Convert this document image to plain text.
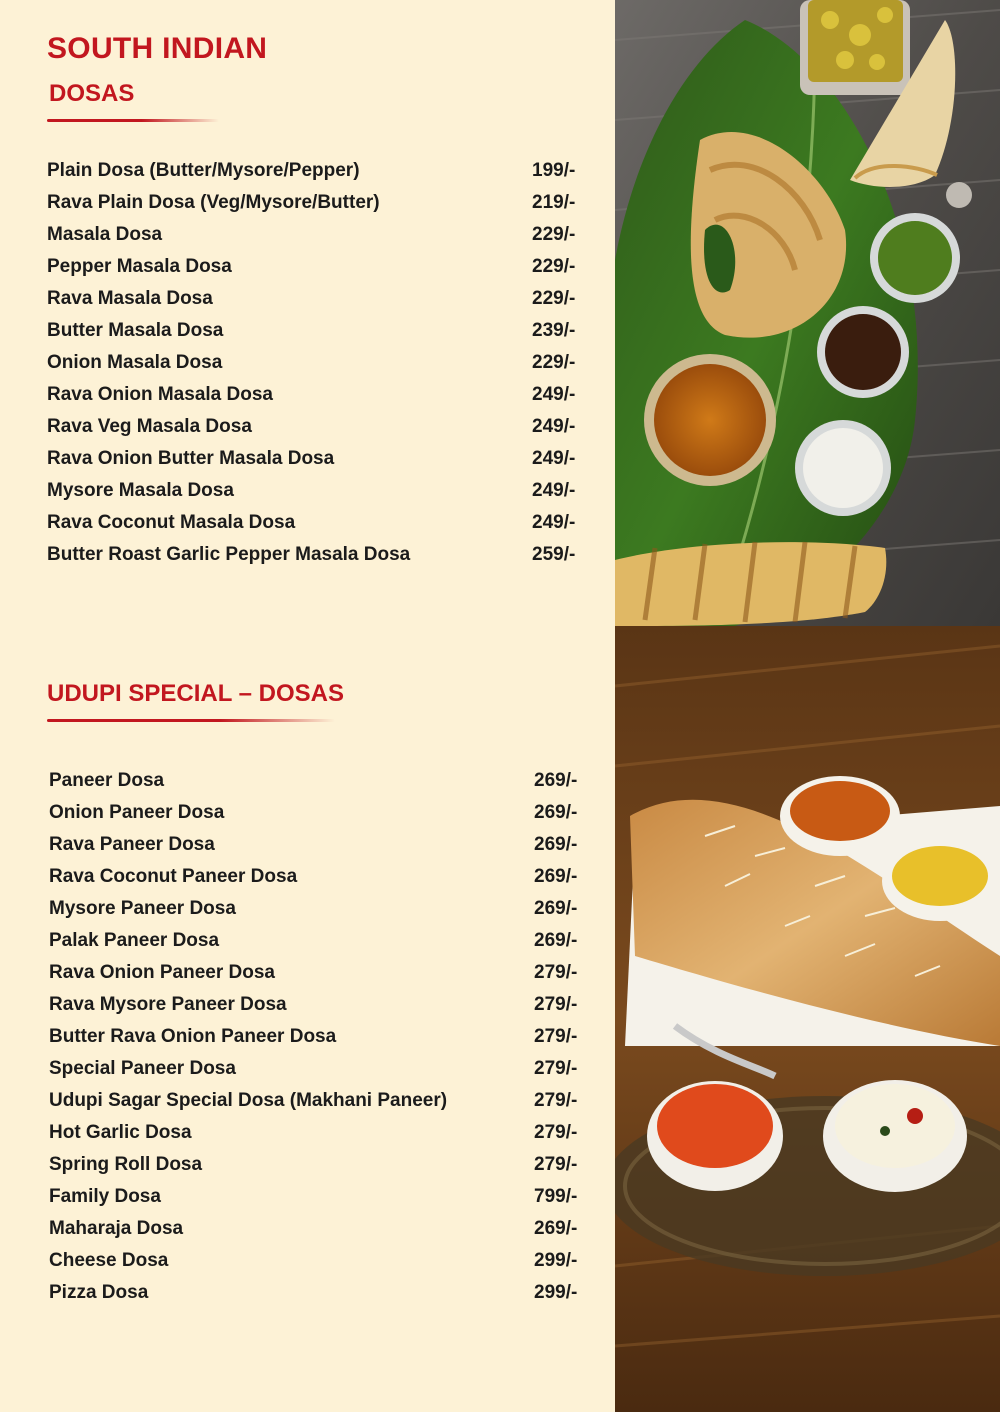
SOUTH INDIAN
DOSAS
Plain Dosa (Butter/Mysore/Pepper)	199/-
Rava Plain Dosa (Veg/Mysore/Butter)	219/-
Masala Dosa	229/-
Pepper Masala Dosa	229/-
Rava Masala Dosa	229/-
Butter Masala Dosa	239/-
Onion Masala Dosa	229/-
Rava Onion Masala Dosa	249/-
Rava Veg Masala Dosa	249/-
Rava Onion Butter Masala Dosa	249/-
Mysore Masala Dosa	249/-
Rava Coconut Masala Dosa	249/-
Butter Roast Garlic Pepper Masala Dosa	259/-
UDUPI SPECIAL – DOSAS
Paneer Dosa	269/-
Onion Paneer Dosa	269/-
Rava Paneer Dosa	269/-
Rava Coconut Paneer Dosa	269/-
Mysore Paneer Dosa	269/-
Palak Paneer Dosa	269/-
Rava Onion Paneer Dosa	279/-
Rava Mysore Paneer Dosa	279/-
Butter Rava Onion Paneer Dosa	279/-
Special Paneer Dosa	279/-
Udupi Sagar Special Dosa (Makhani Paneer)	279/-
Hot Garlic Dosa	279/-
Spring Roll Dosa	279/-
Family Dosa	799/-
Maharaja Dosa	269/-
Cheese Dosa	299/-
Pizza Dosa	299/-
